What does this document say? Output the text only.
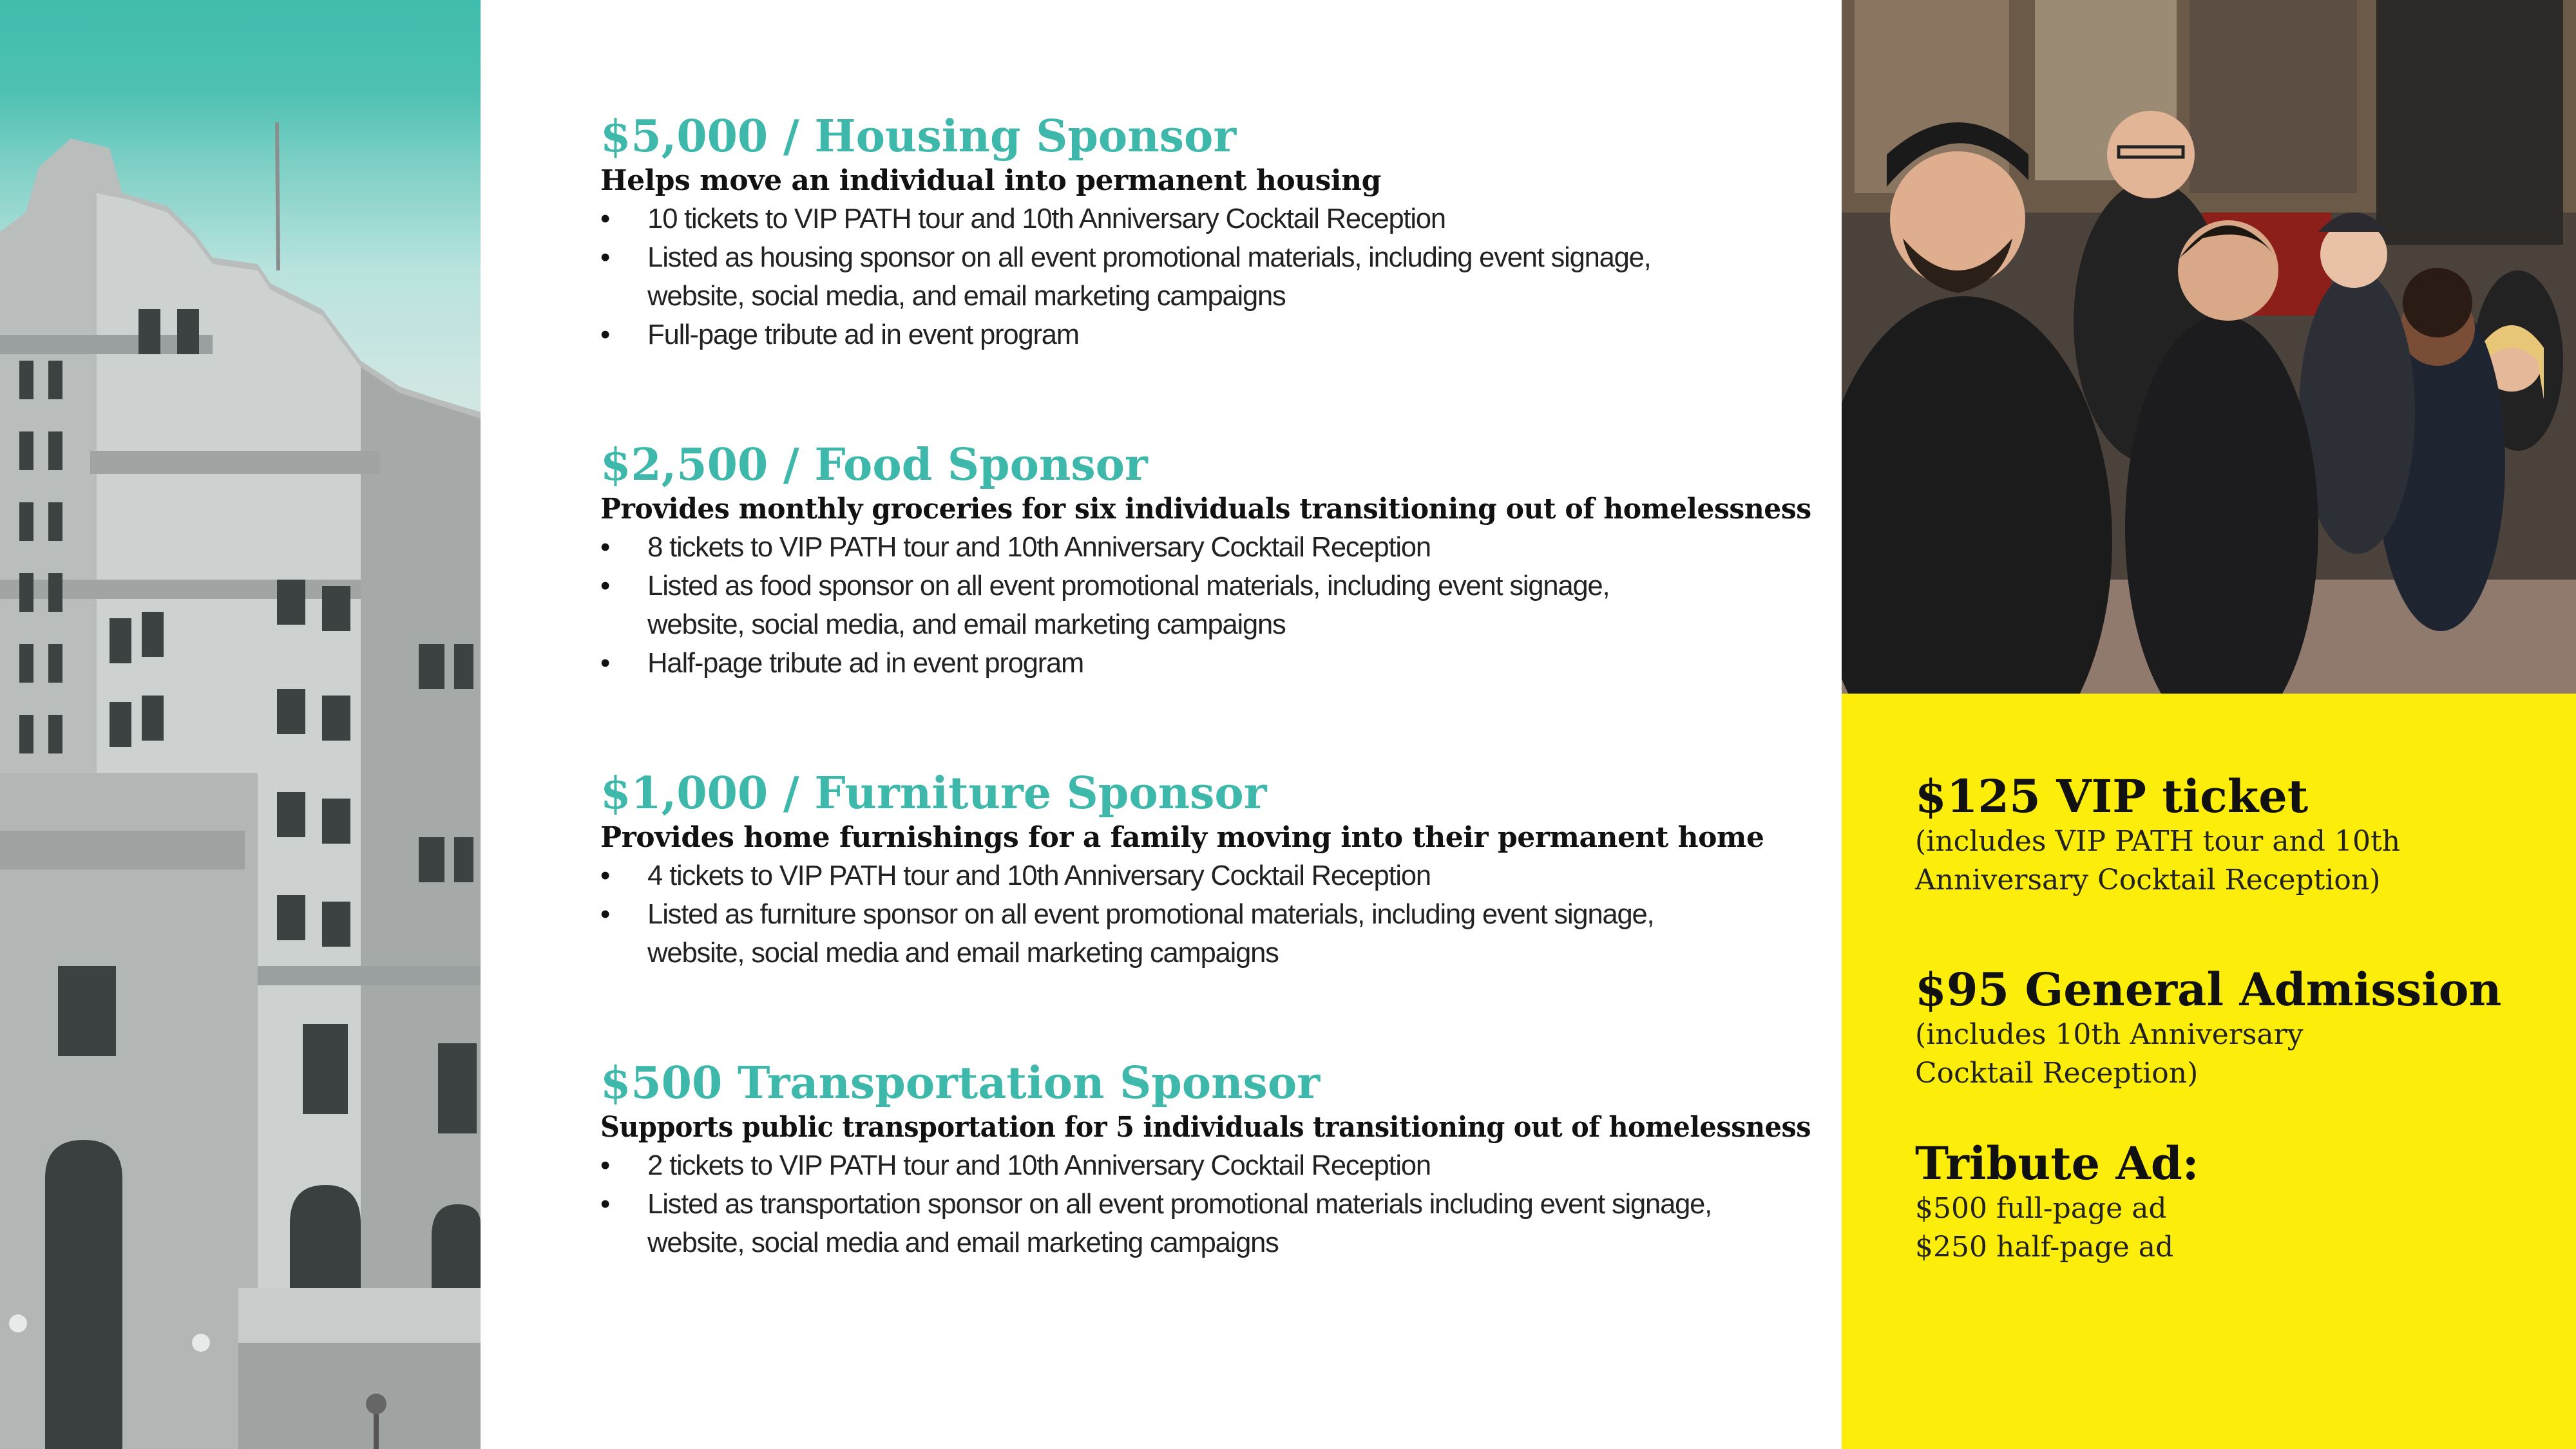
$5,000 / Housing Sponsor

Helps move an individual into permanent housing

• 10 tickets to VIP PATH tour and 10th Anniversary Cocktail Reception
• Listed as housing sponsor on all event promotional materials, including event signage,
website, social media, and email marketing campaigns
• Full-page tribute ad in event program
$2,500 / Food Sponsor

Provides monthly groceries for six individuals transitioning out of homelessness

• 8 tickets to VIP PATH tour and 10th Anniversary Cocktail Reception
• Listed as food sponsor on all event promotional materials, including event signage,
website, social media, and email marketing campaigns
• Half-page tribute ad in event program
$1,000 / Furniture Sponsor

Provides home furnishings for a family moving into their permanent home

• 4 tickets to VIP PATH tour and 10th Anniversary Cocktail Reception
• Listed as furniture sponsor on all event promotional materials, including event signage,
website, social media and email marketing campaigns
$500 Transportation Sponsor

Supports public transportation for 5 individuals transitioning out of homelessness

• 2 tickets to VIP PATH tour and 10th Anniversary Cocktail Reception
• Listed as transportation sponsor on all event promotional materials including event signage,
website, social media and email marketing campaigns
$125 VIP ticket

(includes VIP PATH tour and 10th

Anniversary Cocktail Reception)

$95 General Admission

(includes 10th Anniversary

Cocktail Reception)

Tribute Ad:

$500 full-page ad

$250 half-page ad
